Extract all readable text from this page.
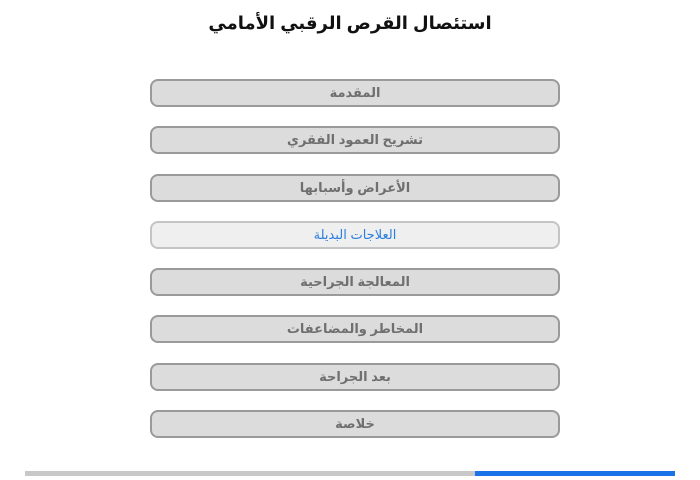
استئصال القرص الرقبي الأمامي
المقدمة
تشريح العمود الفقري
الأعراض وأسبابها
العلاجات البديلة
المعالجة الجراحية
المخاطر والمضاعفات
بعد الجراحة
خلاصة
